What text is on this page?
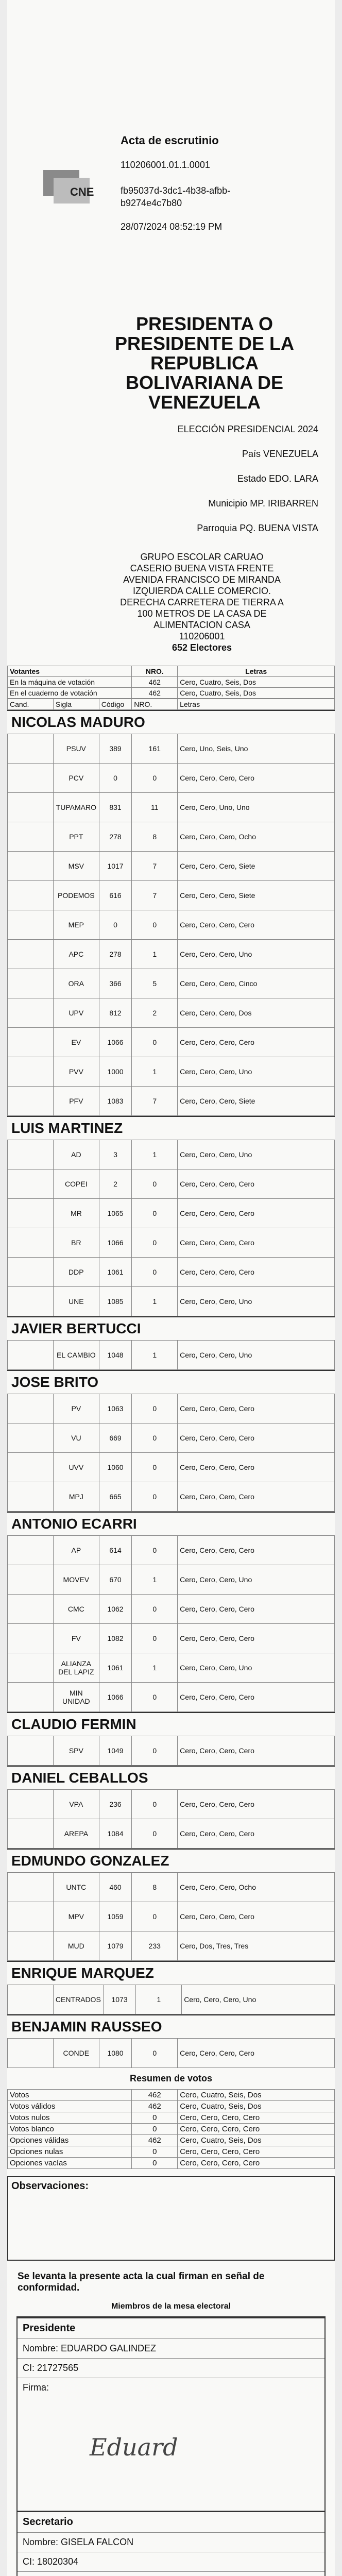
CNE
Acta de escrutinio
110206001.01.1.0001
fb95037d-3dc1-4b38-afbb-
b9274e4c7b80
28/07/2024 08:52:19 PM

PRESIDENTA O

PRESIDENTE DE LA

REPUBLICA

BOLIVARIANA DE

VENEZUELA

ELECCIÓN PRESIDENCIAL 2024
País VENEZUELA
Estado EDO. LARA
Municipio MP. IRIBARREN
Parroquia PQ. BUENA VISTA
GRUPO ESCOLAR CARUAO
CASERIO BUENA VISTA FRENTE
AVENIDA FRANCISCO DE MIRANDA
IZQUIERDA CALLE COMERCIO.
DERECHA CARRETERA DE TIERRA A
100 METROS DE LA CASA DE
ALIMENTACION CASA
110206001
652 Electores
Votantes	NRO.	Letras
En la máquina de votación	462	Cero, Cuatro, Seis, Dos
En el cuaderno de votación	462	Cero, Cuatro, Seis, Dos
Cand.	Sigla	Código	NRO.	Letras
NICOLAS MADURO
	PSUV	389	161	Cero, Uno, Seis, Uno
	PCV	0	0	Cero, Cero, Cero, Cero
	TUPAMARO	831	11	Cero, Cero, Uno, Uno
	PPT	278	8	Cero, Cero, Cero, Ocho
	MSV	1017	7	Cero, Cero, Cero, Siete
	PODEMOS	616	7	Cero, Cero, Cero, Siete
	MEP	0	0	Cero, Cero, Cero, Cero
	APC	278	1	Cero, Cero, Cero, Uno
	ORA	366	5	Cero, Cero, Cero, Cinco
	UPV	812	2	Cero, Cero, Cero, Dos
	EV	1066	0	Cero, Cero, Cero, Cero
	PVV	1000	1	Cero, Cero, Cero, Uno
	PFV	1083	7	Cero, Cero, Cero, Siete
LUIS MARTINEZ
	AD	3	1	Cero, Cero, Cero, Uno
	COPEI	2	0	Cero, Cero, Cero, Cero
	MR	1065	0	Cero, Cero, Cero, Cero
	BR	1066	0	Cero, Cero, Cero, Cero
	DDP	1061	0	Cero, Cero, Cero, Cero
	UNE	1085	1	Cero, Cero, Cero, Uno
JAVIER BERTUCCI
	EL CAMBIO	1048	1	Cero, Cero, Cero, Uno
JOSE BRITO
	PV	1063	0	Cero, Cero, Cero, Cero
	VU	669	0	Cero, Cero, Cero, Cero
	UVV	1060	0	Cero, Cero, Cero, Cero
	MPJ	665	0	Cero, Cero, Cero, Cero
ANTONIO ECARRI
	AP	614	0	Cero, Cero, Cero, Cero
	MOVEV	670	1	Cero, Cero, Cero, Uno
	CMC	1062	0	Cero, Cero, Cero, Cero
	FV	1082	0	Cero, Cero, Cero, Cero
	ALIANZA DEL LAPIZ	1061	1	Cero, Cero, Cero, Uno
	MIN UNIDAD	1066	0	Cero, Cero, Cero, Cero
CLAUDIO FERMIN
	SPV	1049	0	Cero, Cero, Cero, Cero
DANIEL CEBALLOS
	VPA	236	0	Cero, Cero, Cero, Cero
	AREPA	1084	0	Cero, Cero, Cero, Cero
EDMUNDO GONZALEZ
	UNTC	460	8	Cero, Cero, Cero, Ocho
	MPV	1059	0	Cero, Cero, Cero, Cero
	MUD	1079	233	Cero, Dos, Tres, Tres
ENRIQUE MARQUEZ
	CENTRADOS	1073	1	Cero, Cero, Cero, Uno
BENJAMIN RAUSSEO
	CONDE	1080	0	Cero, Cero, Cero, Cero
Resumen de votos
Votos	462	Cero, Cuatro, Seis, Dos
Votos válidos	462	Cero, Cuatro, Seis, Dos
Votos nulos	0	Cero, Cero, Cero, Cero
Votos blanco	0	Cero, Cero, Cero, Cero
Opciones válidas	462	Cero, Cuatro, Seis, Dos
Opciones nulas	0	Cero, Cero, Cero, Cero
Opciones vacías	0	Cero, Cero, Cero, Cero
Observaciones:
Se levanta la presente acta la cual firman en señal de conformidad.
Miembros de la mesa electoral
Presidente
Nombre: EDUARDO GALINDEZ
CI: 21727565
Firma:
Eduard
Secretario
Nombre: GISELA FALCON
CI: 18020304
